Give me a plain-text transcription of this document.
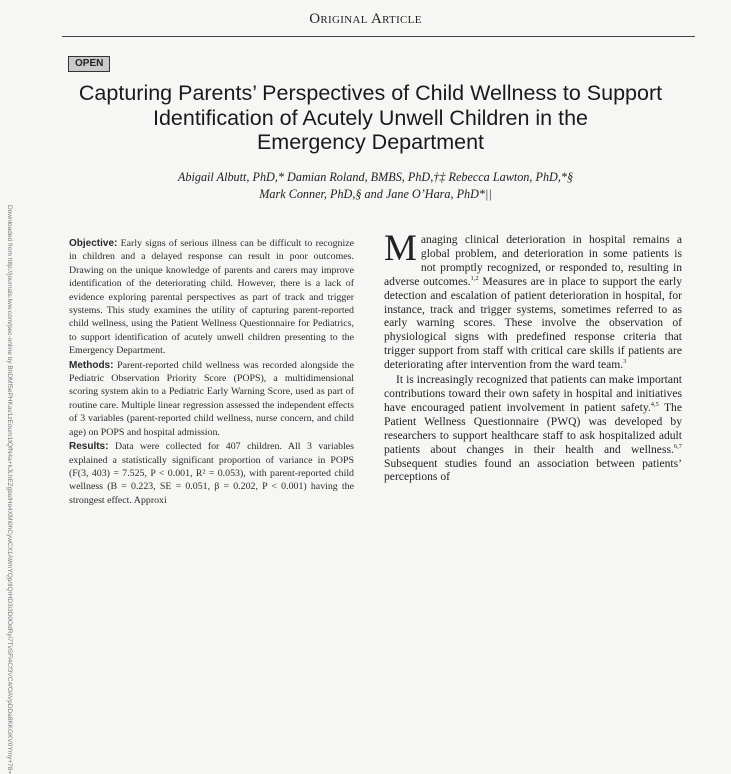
Downloaded from http://journals.lww.com/pec-online by BhDMf5ePHKav1zEoum1tQfN4a+kJLhEZgbsIHo4XMi0hCywCX1AWnYQp/IlQrHD3i3D0OdRyi7TvSFl4Cf3VC4/OAVpDDa8KKGKV0Ymy+78=
Original Article
OPEN
Capturing Parents’ Perspectives of Child Wellness to Support
Identification of Acutely Unwell Children in the
Emergency Department
Abigail Albutt, PhD,* Damian Roland, BMBS, PhD,†‡ Rebecca Lawton, PhD,*§
Mark Conner, PhD,§ and Jane O’Hara, PhD*||

Objective: Early signs of serious illness can be difficult to recognize in children and a delayed response can result in poor outcomes. Drawing on the unique knowledge of parents and carers may improve identification of the deteriorating child. However, there is a lack of evidence exploring parental perspectives as part of track and trigger systems. This study examines the utility of capturing parent-reported child wellness, using the Patient Wellness Questionnaire for Pediatrics, to support identification of acutely unwell children presenting to the Emergency Department.

Methods: Parent-reported child wellness was recorded alongside the Pediatric Observation Priority Score (POPS), a multidimensional scoring system akin to a Pediatric Early Warning Score, used as part of routine care. Multiple linear regression assessed the independent effects of 3 variables (parent-reported child wellness, nurse concern, and child age) on POPS and hospital admission.

Results: Data were collected for 407 children. All 3 variables explained a statistically significant proportion of variance in POPS (F(3, 403) = 7.525, P < 0.001, R² = 0.053), with parent-reported child wellness (B = 0.223, SE = 0.051, β = 0.202, P < 0.001) having the strongest effect. Approxi

Managing clinical deterioration in hospital remains a global problem, and deterioration in some patients is not promptly recognized, or responded to, resulting in adverse outcomes.$^{1,2}$ Measures are in place to support the early detection and escalation of patient deterioration in hospital, for instance, track and trigger systems, sometimes referred to as early warning scores. These involve the observation of physiological signs with predefined response criteria that trigger support from staff with critical care skills if patients are deteriorating after intervention from the ward team.$^3$

It is increasingly recognized that patients can make important contributions toward their own safety in hospital and initiatives have encouraged patient involvement in patient safety.$^{4,5}$ The Patient Wellness Questionnaire (PWQ) was developed by researchers to support healthcare staff to ask hospitalized adult patients about changes in their health and wellness.$^{6,7}$ Subsequent studies found an association between patients’ perceptions of
